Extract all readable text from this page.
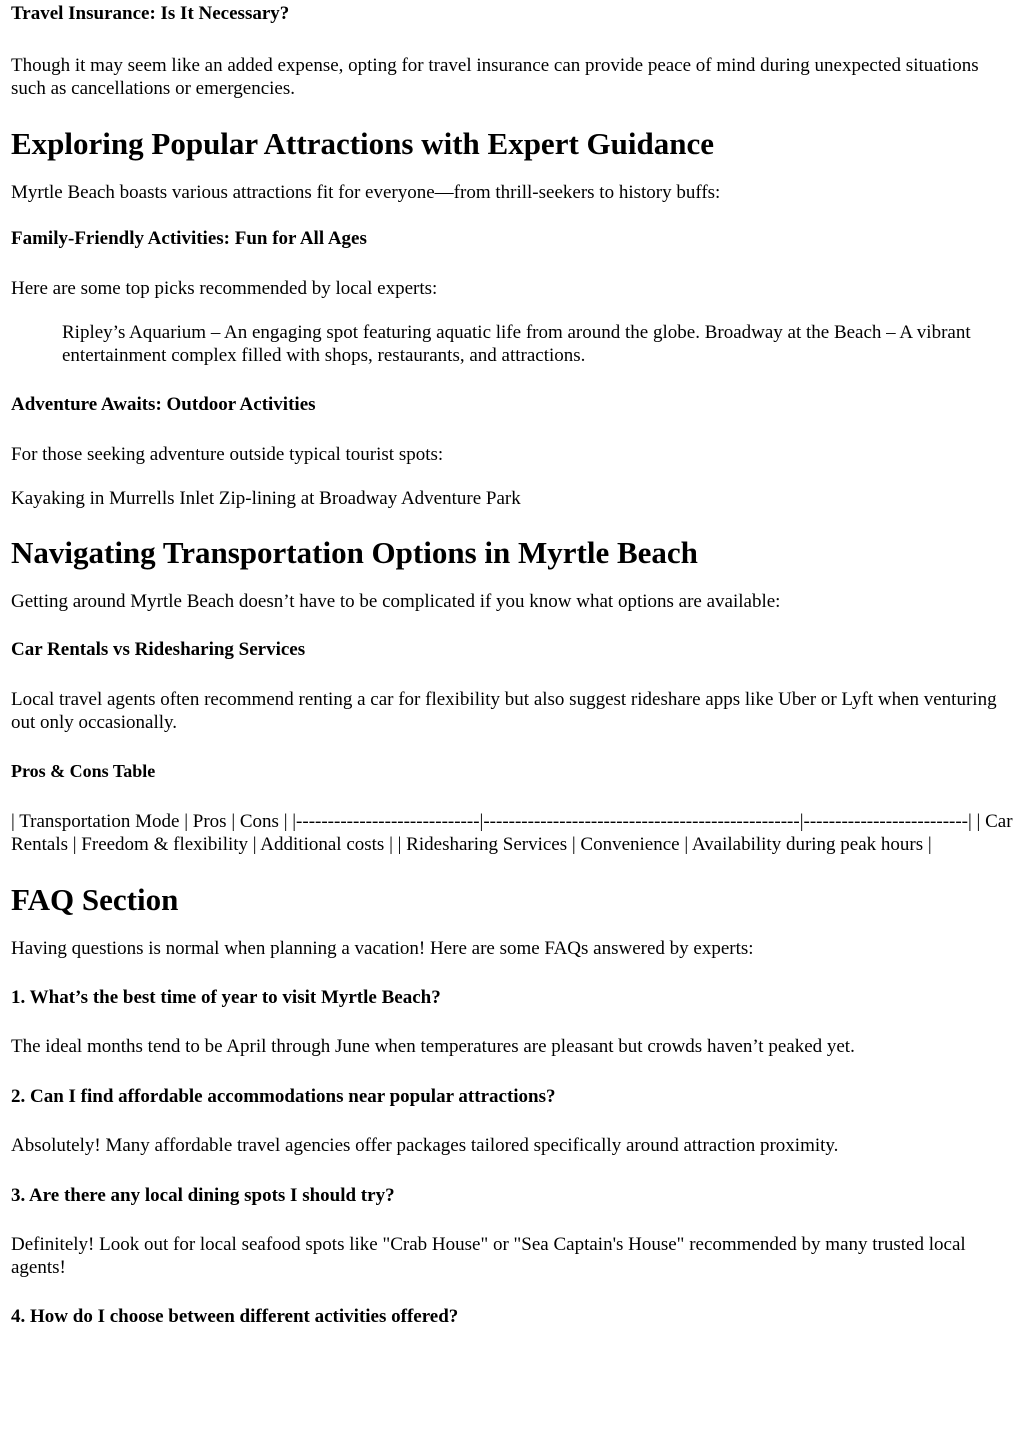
Travel Insurance: Is It Necessary?

Though it may seem like an added expense, opting for travel insurance can provide peace of mind during unexpected situations such as cancellations or emergencies.

Exploring Popular Attractions with Expert Guidance

Myrtle Beach boasts various attractions fit for everyone—from thrill-seekers to history buffs:

Family-Friendly Activities: Fun for All Ages

Here are some top picks recommended by local experts:

Ripley’s Aquarium – An engaging spot featuring aquatic life from around the globe. Broadway at the Beach – A vibrant entertainment complex filled with shops, restaurants, and attractions.
Adventure Awaits: Outdoor Activities

For those seeking adventure outside typical tourist spots:

Kayaking in Murrells Inlet Zip-lining at Broadway Adventure Park

Navigating Transportation Options in Myrtle Beach

Getting around Myrtle Beach doesn’t have to be complicated if you know what options are available:

Car Rentals vs Ridesharing Services

Local travel agents often recommend renting a car for flexibility but also suggest rideshare apps like Uber or Lyft when venturing out only occasionally.

Pros & Cons Table

| Transportation Mode | Pros | Cons | |-----------------------------|--------------------------------------------------|--------------------------| | Car Rentals | Freedom & flexibility | Additional costs | | Ridesharing Services | Convenience | Availability during peak hours |

FAQ Section

Having questions is normal when planning a vacation! Here are some FAQs answered by experts:

1. What’s the best time of year to visit Myrtle Beach?

The ideal months tend to be April through June when temperatures are pleasant but crowds haven’t peaked yet.

2. Can I find affordable accommodations near popular attractions?

Absolutely! Many affordable travel agencies offer packages tailored specifically around attraction proximity.

3. Are there any local dining spots I should try?

Definitely! Look out for local seafood spots like "Crab House" or "Sea Captain's House" recommended by many trusted local agents!

4. How do I choose between different activities offered?
